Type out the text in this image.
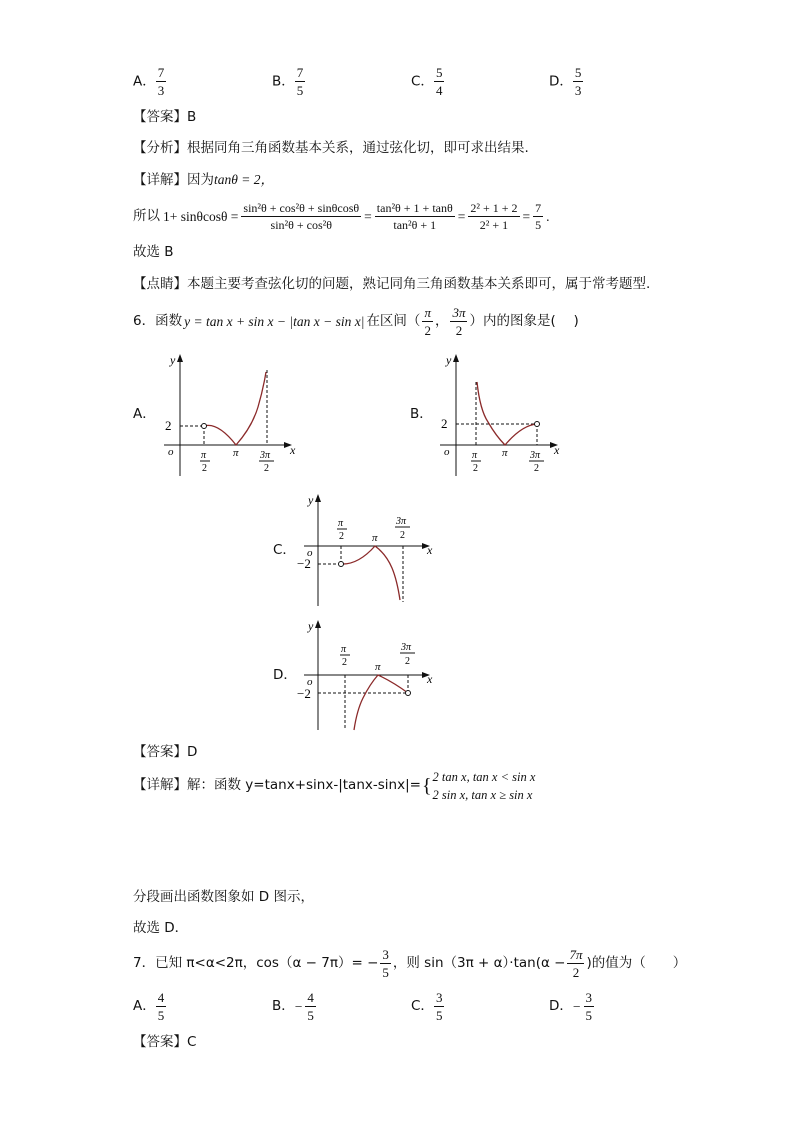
A． $\frac{7}{3}$	B． $\frac{7}{5}$	C． $\frac{5}{4}$	D． $\frac{5}{3}$
【答案】B
【分析】根据同角三角函数基本关系，通过弦化切，即可求出结果.
【详解】因为tanθ = 2，
所以 $1+ \sin\theta\cos\theta = \frac{\text{sin²θ + cos²θ + sinθcosθ}}{\text{sin²θ + cos²θ}} = \frac{\text{tan²θ + 1 + tanθ}}{\text{tan²θ + 1}} = \frac{\text{2² + 1 + 2}}{\text{2² + 1}} = \frac{7}{5}$ .
故选 B
【点睛】本题主要考查弦化切的问题，熟记同角三角函数基本关系即可，属于常考题型.
6．函数 y = tan x + sin x − |tan x − sin x| 在区间（ $\frac{\pi}{2}$ ， $\frac{3\pi}{2}$ ）内的图象是(　 )
A．
y
x
o
2
π
2
π 3π
2
B．
y
x
o
2
π
2
π 3π
2
C．
y
x
o
−2
π
2	π
3π
2
D．
y
x
o
−2
π
2	π
3π
2
【答案】D
【详解】解：函数 y=tanx+sinx-|tanx-sinx|= { 2 tan x, tan x < sin x
2 sin x, tan x ≥ sin x
分段画出函数图象如 D 图示，
故选 D．
7．已知 π<α<2π，$\cos(\alpha - 7\pi)= - \frac{3}{5}$ ，则 $\sin(3\pi + \alpha)\cdot\tan(\alpha - \frac{7\pi}{2}$ )的值为（　　）
A． $\frac{4}{5}$	B． − $\frac{4}{5}$	C． $\frac{3}{5}$	D． − $\frac{3}{5}$
【答案】C
